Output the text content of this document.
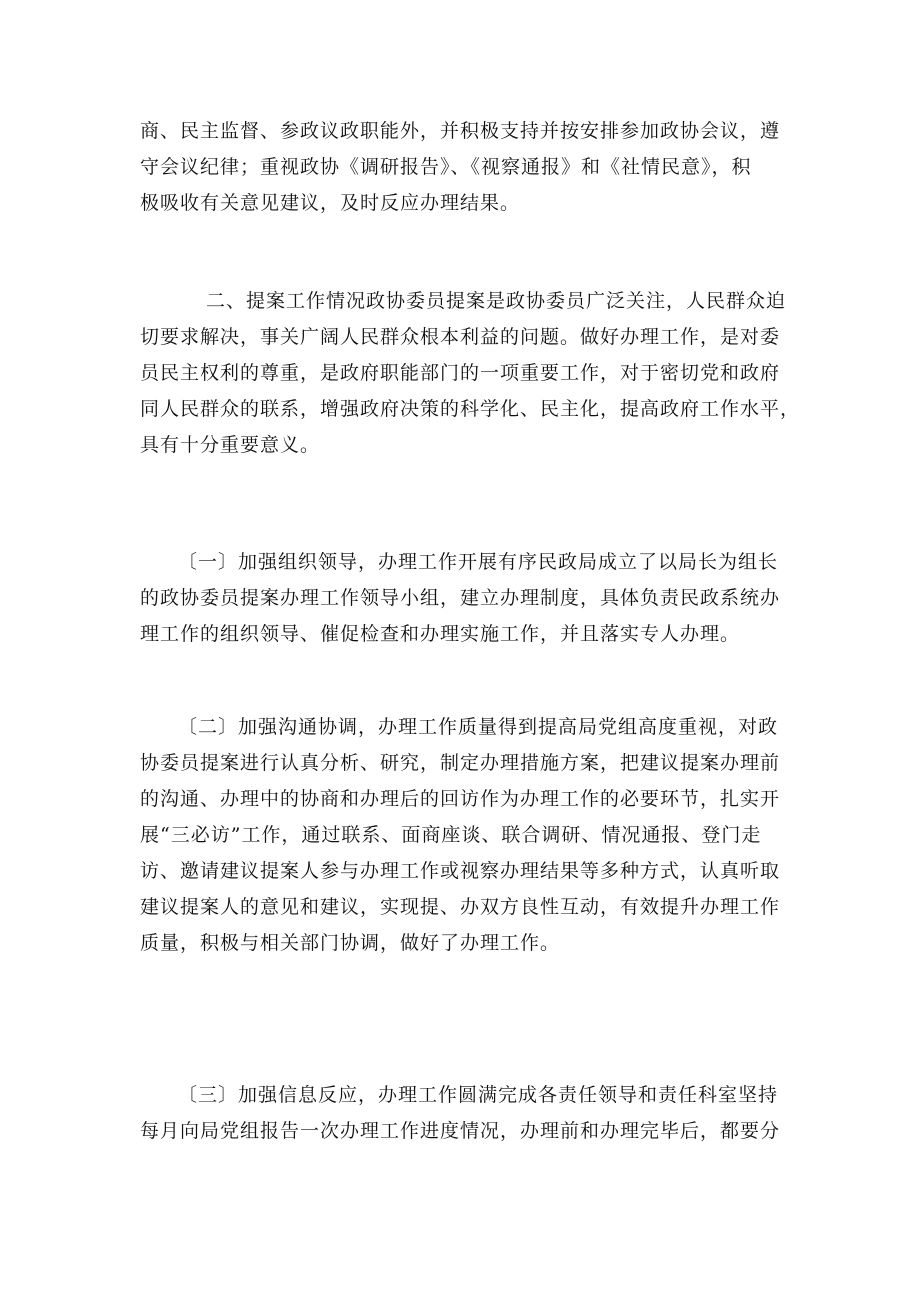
商、民主监督、参政议政职能外，并积极支持并按安排参加政协会议，遵
守会议纪律；重视政协《调研报告》、《视察通报》和《社情民意》，积
极吸收有关意见建议，及时反应办理结果。
二、提案工作情况政协委员提案是政协委员广泛关注，人民群众迫
切要求解决，事关广阔人民群众根本利益的问题。做好办理工作，是对委
员民主权利的尊重，是政府职能部门的一项重要工作，对于密切党和政府
同人民群众的联系，增强政府决策的科学化、民主化，提高政府工作水平，
具有十分重要意义。
〔一〕加强组织领导，办理工作开展有序民政局成立了以局长为组长
的政协委员提案办理工作领导小组，建立办理制度，具体负责民政系统办
理工作的组织领导、催促检查和办理实施工作，并且落实专人办理。
〔二〕加强沟通协调，办理工作质量得到提高局党组高度重视，对政
协委员提案进行认真分析、研究，制定办理措施方案，把建议提案办理前
的沟通、办理中的协商和办理后的回访作为办理工作的必要环节，扎实开
展“三必访”工作，通过联系、面商座谈、联合调研、情况通报、登门走
访、邀请建议提案人参与办理工作或视察办理结果等多种方式，认真听取
建议提案人的意见和建议，实现提、办双方良性互动，有效提升办理工作
质量，积极与相关部门协调，做好了办理工作。
〔三〕加强信息反应，办理工作圆满完成各责任领导和责任科室坚持
每月向局党组报告一次办理工作进度情况，办理前和办理完毕后，都要分
